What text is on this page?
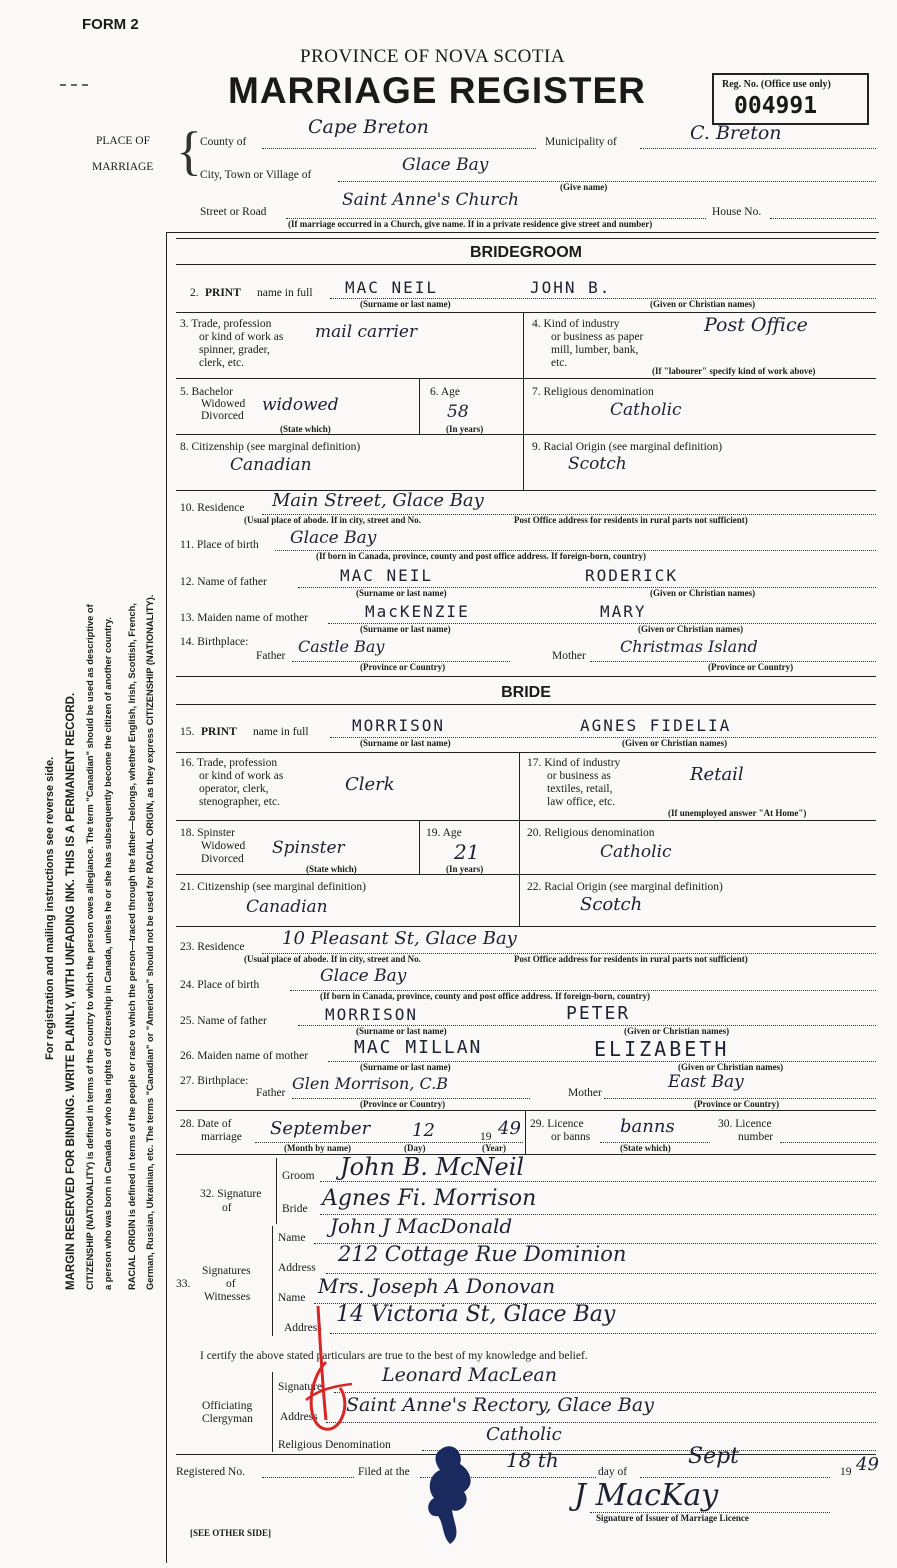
FORM 2
PROVINCE OF NOVA SCOTIA
MARRIAGE REGISTER	Reg. No. (Office use only)
004991
For registration and mailing instructions see reverse side. MARGIN RESERVED FOR BINDING. WRITE PLAINLY, WITH UNFADING INK. THIS IS A PERMANENT RECORD. CITIZENSHIP (NATIONALITY) is defined in terms of the country to which the person owes allegiance. The term "Canadian" should be used as descriptive of a person who was born in Canada or who has rights of Citizenship in Canada, unless he or she has subsequently become the citizen of another country. RACIAL ORIGIN is defined in terms of the people or race to which the person—traced through the father—belongs, whether English, Irish, Scottish, French, German, Russian, Ukrainian, etc. The terms "Canadian" or "American" should not be used for RACIAL ORIGIN, as they express CITIZENSHIP (NATIONALITY).
PLACE OF
MARRIAGE {
County of
Cape Breton
Municipality of	C. Breton
City, Town or Village of	Glace Bay
(Give name)
Street or Road
Saint Anne's Church
House No.
(If marriage occurred in a Church, give name. If in a private residence give street and number)
BRIDEGROOM
2. PRINT name in full MAC NEIL	JOHN B.
(Surname or last name)	(Given or Christian names)
3. Trade, profession
or kind of work as
spinner, grader,
clerk, etc.
mail carrier	4. Kind of industry
or business as paper
mill, lumber, bank,
etc.
Post Office
(If "labourer" specify kind of work above)
5. Bachelor
Widowed
Divorced
widowed
(State which)
6. Age
58
(In years)
7. Religious denomination
Catholic
8. Citizenship (see marginal definition)
Canadian
9. Racial Origin (see marginal definition)
Scotch
10. Residence Main Street, Glace Bay
(Usual place of abode. If in city, street and No.	Post Office address for residents in rural parts not sufficient)
11. Place of birth Glace Bay
(If born in Canada, province, county and post office address. If foreign-born, country)
12. Name of father	MAC NEIL	RODERICK
(Surname or last name)	(Given or Christian names)
13. Maiden name of mother	MacKENZIE	MARY
(Surname or last name)	(Given or Christian names)
14. Birthplace:
Father Castle Bay	Mother Christmas Island
(Province or Country)	(Province or Country)
BRIDE
15. PRINT name in full	MORRISON	AGNES FIDELIA
(Surname or last name)	(Given or Christian names)
16. Trade, profession
or kind of work as
operator, clerk,
stenographer, etc.
Clerk
17. Kind of industry
or business as
textiles, retail,
law office, etc.
Retail
(If unemployed answer "At Home")
18. Spinster
Widowed
Divorced
Spinster
(State which)
19. Age
21
(In years)
20. Religious denomination
Catholic
21. Citizenship (see marginal definition)
Canadian
22. Racial Origin (see marginal definition)
Scotch
23. Residence 10 Pleasant St, Glace Bay
(Usual place of abode. If in city, street and No.	Post Office address for residents in rural parts not sufficient)
24. Place of birth	Glace Bay
(If born in Canada, province, county and post office address. If foreign-born, country)
25. Name of father	MORRISON	PETER
(Surname or last name)	(Given or Christian names)
26. Maiden name of mother	MAC MILLAN	ELIZABETH
(Surname or last name)	(Given or Christian names)
27. Birthplace:
Father Glen Morrison, C.B	Mother
East Bay
(Province or Country)	(Province or Country)
28. Date of
marriage September 12	19 49
(Month by name)	(Day)	(Year)
29. Licence
or banns banns
(State which)
30. Licence
number
32. Signature
of
Groom John B. McNeil
Bride Agnes Fi. Morrison
Signatures
33.	of
Witnesses
Name John J MacDonald
Address
212 Cottage Rue Dominion
Name Mrs. Joseph A Donovan
Address
14 Victoria St, Glace Bay
I certify the above stated particulars are true to the best of my knowledge and belief.
Officiating
Clergyman
Signature
Leonard MacLean
Address
Saint Anne's Rectory, Glace Bay
Religious Denomination	Catholic
Registered No.	Filed at the	18 th	day of
Sept
19 49
J MacKay
Signature of Issuer of Marriage Licence
[SEE OTHER SIDE]
